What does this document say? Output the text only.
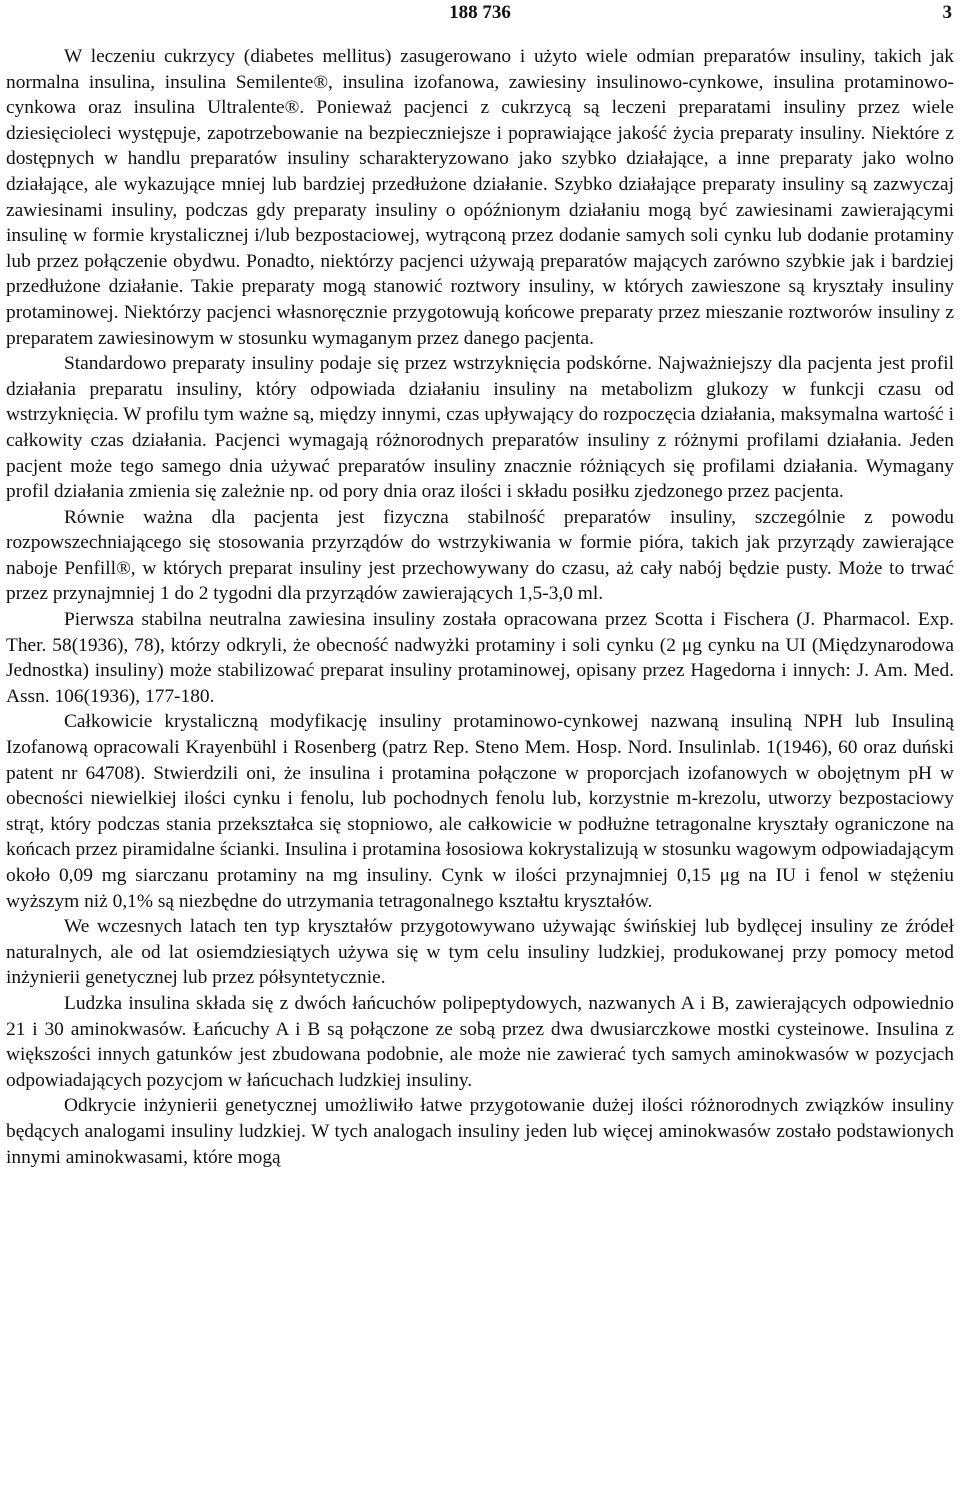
188 736	3

W leczeniu cukrzycy (diabetes mellitus) zasugerowano i użyto wiele odmian preparatów insuliny, takich jak normalna insulina, insulina Semilente®, insulina izofanowa, zawiesiny insulinowo-cynkowe, insulina protaminowo-cynkowa oraz insulina Ultralente®. Ponieważ pacjenci z cukrzycą są leczeni preparatami insuliny przez wiele dziesięcioleci występuje, zapotrzebowanie na bezpieczniejsze i poprawiające jakość życia preparaty insuliny. Niektóre z dostępnych w handlu preparatów insuliny scharakteryzowano jako szybko działające, a inne preparaty jako wolno działające, ale wykazujące mniej lub bardziej przedłużone działanie. Szybko działające preparaty insuliny są zazwyczaj zawiesinami insuliny, podczas gdy preparaty insuliny o opóźnionym działaniu mogą być zawiesinami zawierającymi insulinę w formie krystalicznej i/lub bezpostaciowej, wytrąconą przez dodanie samych soli cynku lub dodanie protaminy lub przez połączenie obydwu. Ponadto, niektórzy pacjenci używają preparatów mających zarówno szybkie jak i bardziej przedłużone działanie. Takie preparaty mogą stanowić roztwory insuliny, w których zawieszone są kryształy insuliny protaminowej. Niektórzy pacjenci własnoręcznie przygotowują końcowe preparaty przez mieszanie roztworów insuliny z preparatem zawiesinowym w stosunku wymaganym przez danego pacjenta.

Standardowo preparaty insuliny podaje się przez wstrzyknięcia podskórne. Najważniejszy dla pacjenta jest profil działania preparatu insuliny, który odpowiada działaniu insuliny na metabolizm glukozy w funkcji czasu od wstrzyknięcia. W profilu tym ważne są, między innymi, czas upływający do rozpoczęcia działania, maksymalna wartość i całkowity czas działania. Pacjenci wymagają różnorodnych preparatów insuliny z różnymi profilami działania. Jeden pacjent może tego samego dnia używać preparatów insuliny znacznie różniących się profilami działania. Wymagany profil działania zmienia się zależnie np. od pory dnia oraz ilości i składu posiłku zjedzonego przez pacjenta.

Równie ważna dla pacjenta jest fizyczna stabilność preparatów insuliny, szczególnie z powodu rozpowszechniającego się stosowania przyrządów do wstrzykiwania w formie pióra, takich jak przyrządy zawierające naboje Penfill®, w których preparat insuliny jest przechowywany do czasu, aż cały nabój będzie pusty. Może to trwać przez przynajmniej 1 do 2 tygodni dla przyrządów zawierających 1,5-3,0 ml.

Pierwsza stabilna neutralna zawiesina insuliny została opracowana przez Scotta i Fischera (J. Pharmacol. Exp. Ther. 58(1936), 78), którzy odkryli, że obecność nadwyżki protaminy i soli cynku (2 μg cynku na UI (Międzynarodowa Jednostka) insuliny) może stabilizować preparat insuliny protaminowej, opisany przez Hagedorna i innych: J. Am. Med. Assn. 106(1936), 177-180.

Całkowicie krystaliczną modyfikację insuliny protaminowo-cynkowej nazwaną insuliną NPH lub Insuliną Izofanową opracowali Krayenbühl i Rosenberg (patrz Rep. Steno Mem. Hosp. Nord. Insulinlab. 1(1946), 60 oraz duński patent nr 64708). Stwierdzili oni, że insulina i protamina połączone w proporcjach izofanowych w obojętnym pH w obecności niewielkiej ilości cynku i fenolu, lub pochodnych fenolu lub, korzystnie m-krezolu, utworzy bezpostaciowy strąt, który podczas stania przekształca się stopniowo, ale całkowicie w podłużne tetragonalne kryształy ograniczone na końcach przez piramidalne ścianki. Insulina i protamina łososiowa kokrystalizują w stosunku wagowym odpowiadającym około 0,09 mg siarczanu protaminy na mg insuliny. Cynk w ilości przynajmniej 0,15 μg na IU i fenol w stężeniu wyższym niż 0,1% są niezbędne do utrzymania tetragonalnego kształtu kryształów.

We wczesnych latach ten typ kryształów przygotowywano używając świńskiej lub bydlęcej insuliny ze źródeł naturalnych, ale od lat osiemdziesiątych używa się w tym celu insuliny ludzkiej, produkowanej przy pomocy metod inżynierii genetycznej lub przez półsyntetycznie.

Ludzka insulina składa się z dwóch łańcuchów polipeptydowych, nazwanych A i B, zawierających odpowiednio 21 i 30 aminokwasów. Łańcuchy A i B są połączone ze sobą przez dwa dwusiarczkowe mostki cysteinowe. Insulina z większości innych gatunków jest zbudowana podobnie, ale może nie zawierać tych samych aminokwasów w pozycjach odpowiadających pozycjom w łańcuchach ludzkiej insuliny.

Odkrycie inżynierii genetycznej umożliwiło łatwe przygotowanie dużej ilości różnorodnych związków insuliny będących analogami insuliny ludzkiej. W tych analogach insuliny jeden lub więcej aminokwasów zostało podstawionych innymi aminokwasami, które mogą
